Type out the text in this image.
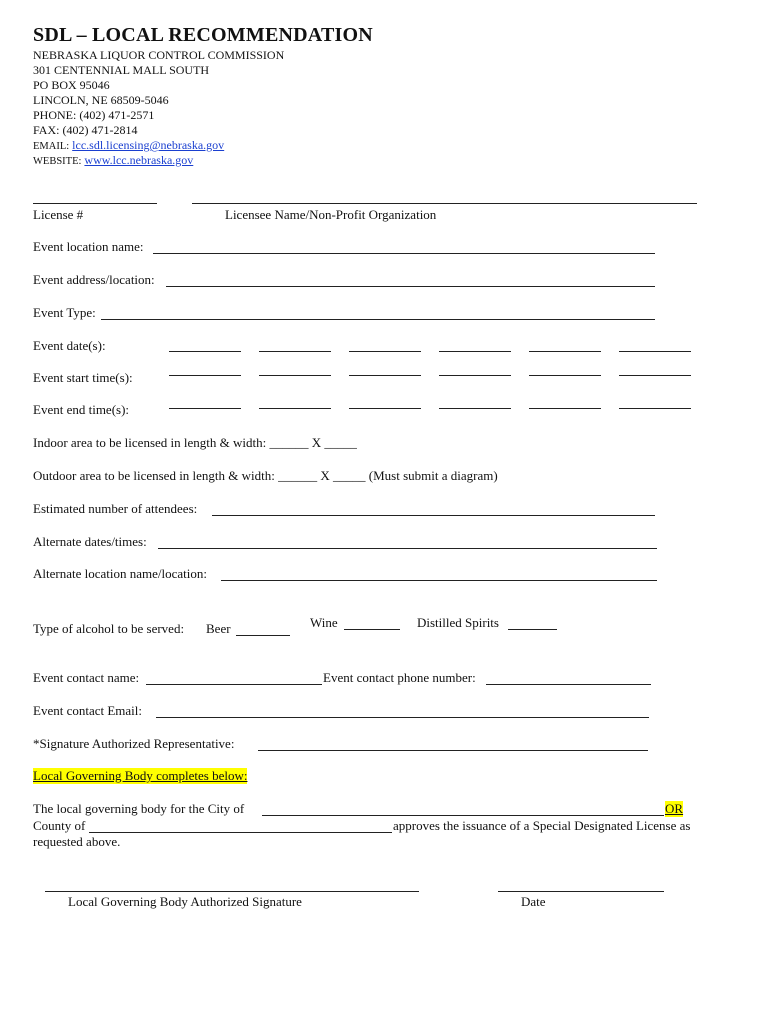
SDL – LOCAL RECOMMENDATION
NEBRASKA LIQUOR CONTROL COMMISSION
301 CENTENNIAL MALL SOUTH
PO BOX 95046
LINCOLN, NE 68509-5046
PHONE: (402) 471-2571
FAX: (402) 471-2814
EMAIL: lcc.sdl.licensing@nebraska.gov
WEBSITE: www.lcc.nebraska.gov
License #	Licensee Name/Non-Profit Organization
Event location name:
Event address/location:
Event Type:
Event date(s):
Event start time(s):
Event end time(s):
Indoor area to be licensed in length & width: ______ X _____
Outdoor area to be licensed in length & width: ______ X _____ (Must submit a diagram)
Estimated number of attendees:
Alternate dates/times:
Alternate location name/location:
Type of alcohol to be served: Beer	Wine	Distilled Spirits
Event contact name:	Event contact phone number:
Event contact Email:
*Signature Authorized Representative:
Local Governing Body completes below:
The local governing body for the City of	OR
County of	approves the issuance of a Special Designated License as
requested above.
Local Governing Body Authorized Signature	Date
